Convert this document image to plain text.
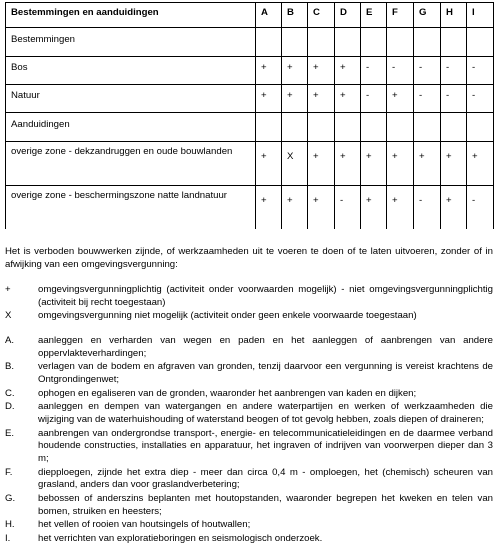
Bestemmingen en aanduidingen	A	B	C	D	E	F	G	H	I
Bestemmingen									
Bos	+	+	+	+	-	-	-	-	-
Natuur	+	+	+	+	-	+	-	-	-
Aanduidingen									
overige zone - dekzandruggen en oude bouwlanden	+	X	+	+	+	+	+	+	+
overige zone - beschermingszone natte landnatuur	+	+	+	-	+	+	-	+	-

Het is verboden bouwwerken zijnde, of werkzaamheden uit te voeren te doen of te laten uitvoeren, zonder of in afwijking van een omgevingsvergunning:

+	omgevingsvergunningplichtig (activiteit onder voorwaarden mogelijk) - niet omgevingsvergunningplichtig (activiteit bij recht toegestaan)
X	omgevingsvergunning niet mogelijk (activiteit onder geen enkele voorwaarde toegestaan)
A.	aanleggen en verharden van wegen en paden en het aanleggen of aanbrengen van andere oppervlakteverhardingen;
B.	verlagen van de bodem en afgraven van gronden, tenzij daarvoor een vergunning is vereist krachtens de Ontgrondingenwet;
C.	ophogen en egaliseren van de gronden, waaronder het aanbrengen van kaden en dijken;
D.	aanleggen en dempen van watergangen en andere waterpartijen en werken of werkzaamheden die wijziging van de waterhuishouding of waterstand beogen of tot gevolg hebben, zoals diepen of draineren;
E.	aanbrengen van ondergrondse transport-, energie- en telecommunicatieleidingen en de daarmee verband houdende constructies, installaties en apparatuur, het ingraven of indrijven van voorwerpen dieper dan 3 m;
F.	diepploegen, zijnde het extra diep - meer dan circa 0,4 m - omploegen, het (chemisch) scheuren van grasland, anders dan voor graslandverbetering;
G.	bebossen of anderszins beplanten met houtopstanden, waaronder begrepen het kweken en telen van bomen, struiken en heesters;
H.	het vellen of rooien van houtsingels of houtwallen;
I.	het verrichten van exploratieboringen en seismologisch onderzoek.
